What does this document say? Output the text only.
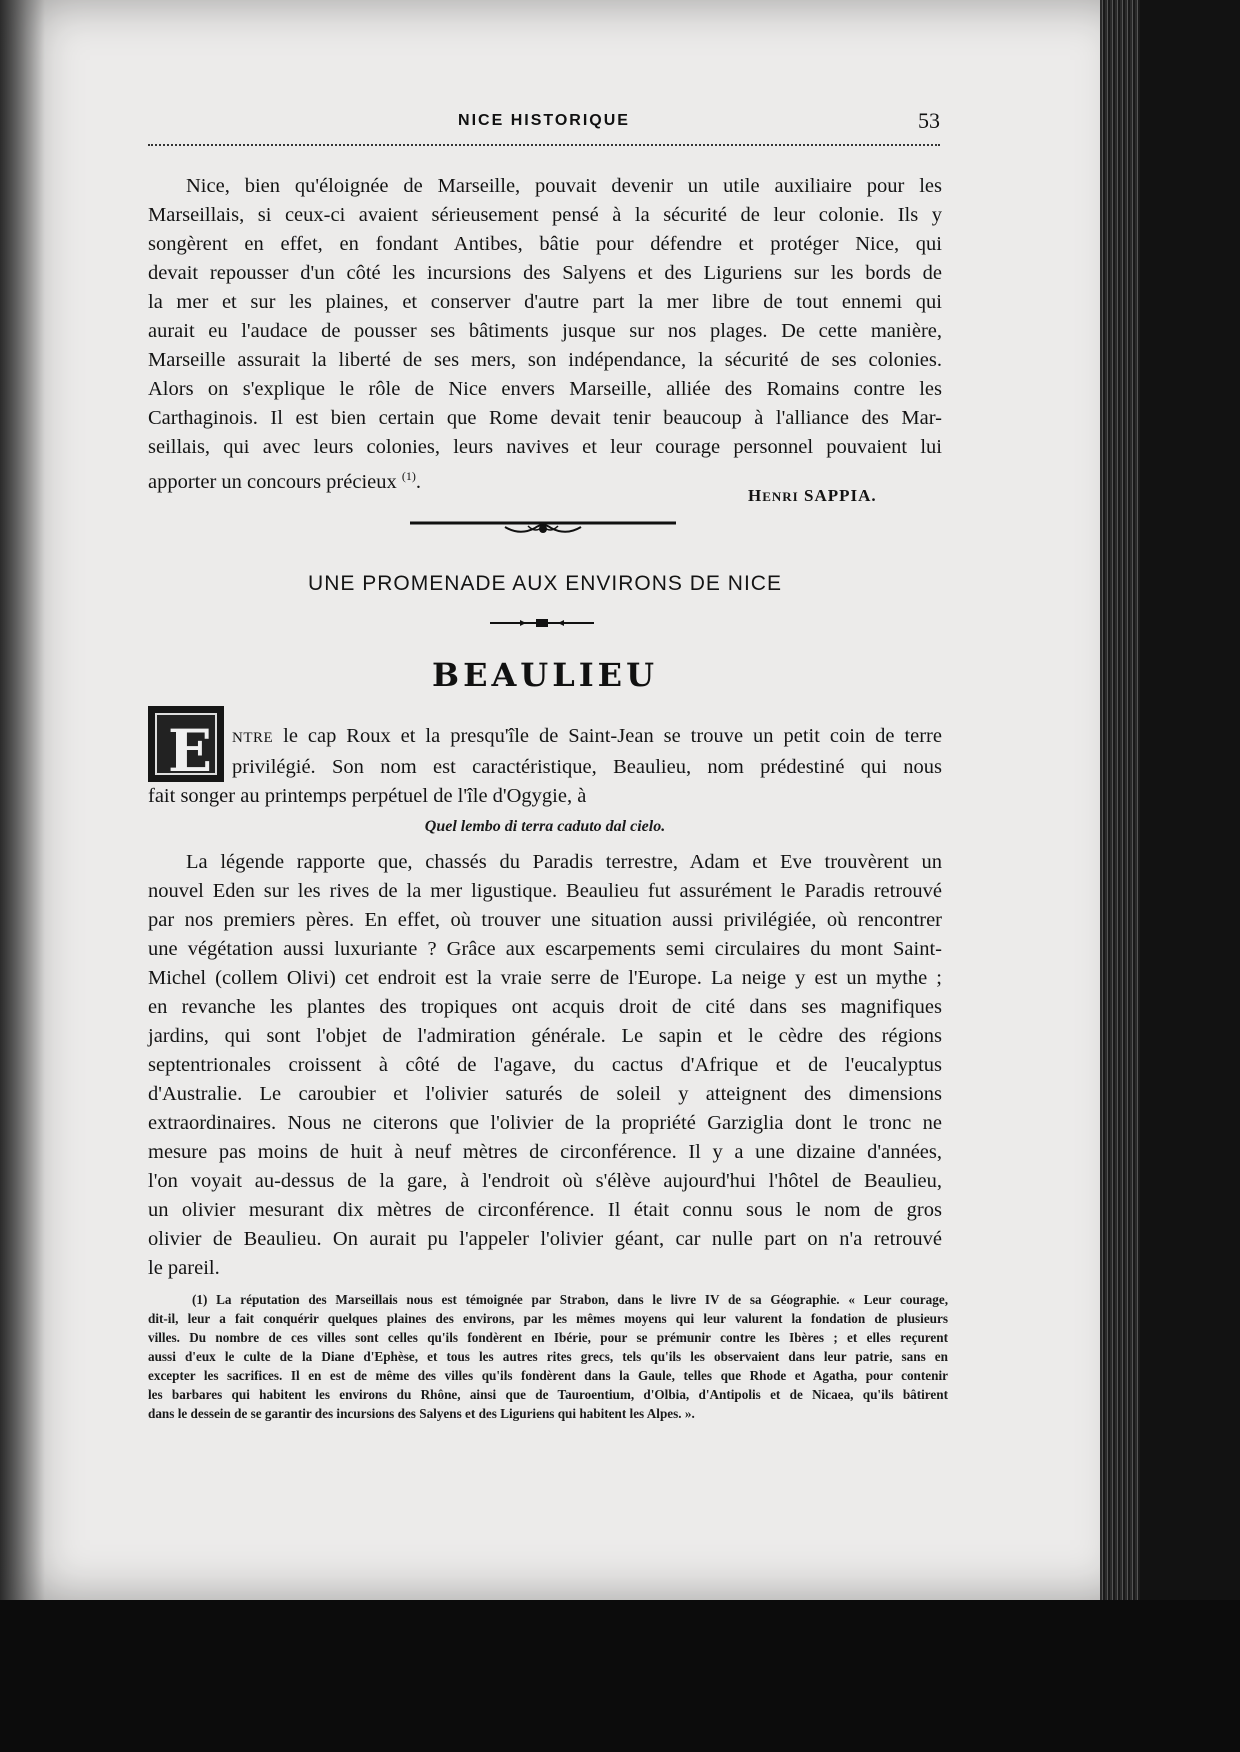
NICE HISTORIQUE	53
Nice, bien qu'éloignée de Marseille, pouvait devenir un utile auxiliaire pour les
Marseillais, si ceux-ci avaient sérieusement pensé à la sécurité de leur colonie. Ils y
songèrent en effet, en fondant Antibes, bâtie pour défendre et protéger Nice, qui
devait repousser d'un côté les incursions des Salyens et des Liguriens sur les bords de
la mer et sur les plaines, et conserver d'autre part la mer libre de tout ennemi qui
aurait eu l'audace de pousser ses bâtiments jusque sur nos plages. De cette manière,
Marseille assurait la liberté de ses mers, son indépendance, la sécurité de ses colonies.
Alors on s'explique le rôle de Nice envers Marseille, alliée des Romains contre les
Carthaginois. Il est bien certain que Rome devait tenir beaucoup à l'alliance des Mar-
seillais, qui avec leurs colonies, leurs navives et leur courage personnel pouvaient lui
apporter un concours précieux $^{(1)}$.
HENRI SAPPIA.
UNE PROMENADE AUX ENVIRONS DE NICE
BEAULIEU
E	NTRE le cap Roux et la presqu'île de Saint-Jean se trouve un petit coin de terre
privilégié. Son nom est caractéristique, Beaulieu, nom prédestiné qui nous
fait songer au printemps perpétuel de l'île d'Ogygie, à
Quel lembo di terra caduto dal cielo.
La légende rapporte que, chassés du Paradis terrestre, Adam et Eve trouvèrent un
nouvel Eden sur les rives de la mer ligustique. Beaulieu fut assurément le Paradis retrouvé
par nos premiers pères. En effet, où trouver une situation aussi privilégiée, où rencontrer
une végétation aussi luxuriante ? Grâce aux escarpements semi circulaires du mont Saint-
Michel (collem Olivi) cet endroit est la vraie serre de l'Europe. La neige y est un mythe ;
en revanche les plantes des tropiques ont acquis droit de cité dans ses magnifiques
jardins, qui sont l'objet de l'admiration générale. Le sapin et le cèdre des régions
septentrionales croissent à côté de l'agave, du cactus d'Afrique et de l'eucalyptus
d'Australie. Le caroubier et l'olivier saturés de soleil y atteignent des dimensions
extraordinaires. Nous ne citerons que l'olivier de la propriété Garziglia dont le tronc ne
mesure pas moins de huit à neuf mètres de circonférence. Il y a une dizaine d'années,
l'on voyait au-dessus de la gare, à l'endroit où s'élève aujourd'hui l'hôtel de Beaulieu,
un olivier mesurant dix mètres de circonférence. Il était connu sous le nom de gros
olivier de Beaulieu. On aurait pu l'appeler l'olivier géant, car nulle part on n'a retrouvé
le pareil.
(1) La réputation des Marseillais nous est témoignée par Strabon, dans le livre IV de sa Géographie. « Leur courage,
dit-il, leur a fait conquérir quelques plaines des environs, par les mêmes moyens qui leur valurent la fondation de plusieurs
villes. Du nombre de ces villes sont celles qu'ils fondèrent en Ibérie, pour se prémunir contre les Ibères ; et elles reçurent
aussi d'eux le culte de la Diane d'Ephèse, et tous les autres rites grecs, tels qu'ils les observaient dans leur patrie, sans en
excepter les sacrifices. Il en est de même des villes qu'ils fondèrent dans la Gaule, telles que Rhode et Agatha, pour contenir
les barbares qui habitent les environs du Rhône, ainsi que de Tauroentium, d'Olbia, d'Antipolis et de Nicaea, qu'ils bâtirent
dans le dessein de se garantir des incursions des Salyens et des Liguriens qui habitent les Alpes. ».
